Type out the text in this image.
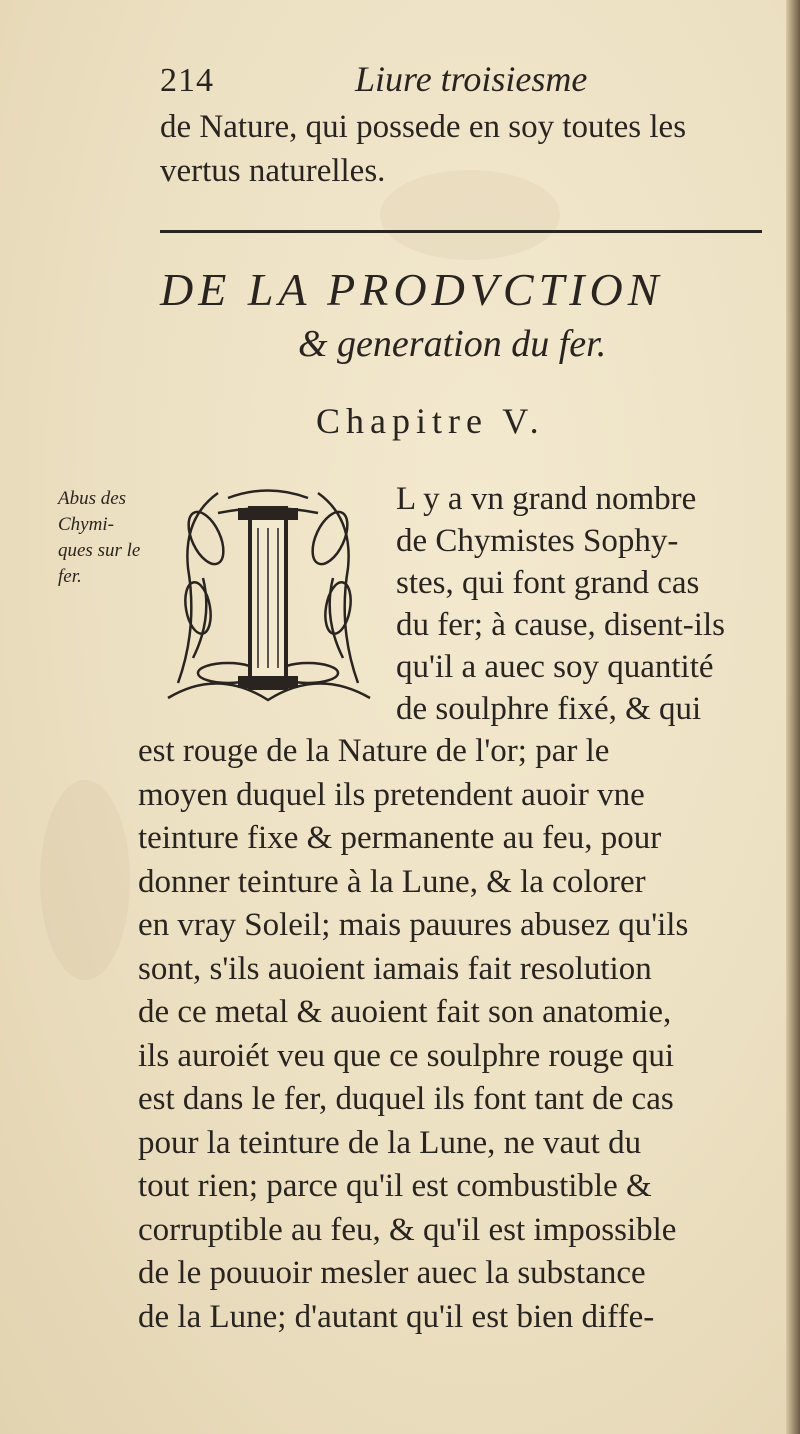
214	Liure troisiesme

de Nature, qui possede en soy toutes les

vertus naturelles.

DE LA PRODVCTION
& generation du fer.
Chapitre V.

Abus des

Chymi-

ques sur le

fer.

L y a vn grand nombre

de Chymistes Sophy-

stes, qui font grand cas

du fer; à cause, disent-ils

qu'il a auec soy quantité

de soulphre fixé, & qui

est rouge de la Nature de l'or; par le

moyen duquel ils pretendent auoir vne

teinture fixe & permanente au feu, pour

donner teinture à la Lune, & la colorer

en vray Soleil; mais pauures abusez qu'ils

sont, s'ils auoient iamais fait resolution

de ce metal & auoient fait son anatomie,

ils auroiét veu que ce soulphre rouge qui

est dans le fer, duquel ils font tant de cas

pour la teinture de la Lune, ne vaut du

tout rien; parce qu'il est combustible &

corruptible au feu, & qu'il est impossible

de le pouuoir mesler auec la substance

de la Lune; d'autant qu'il est bien diffe-
